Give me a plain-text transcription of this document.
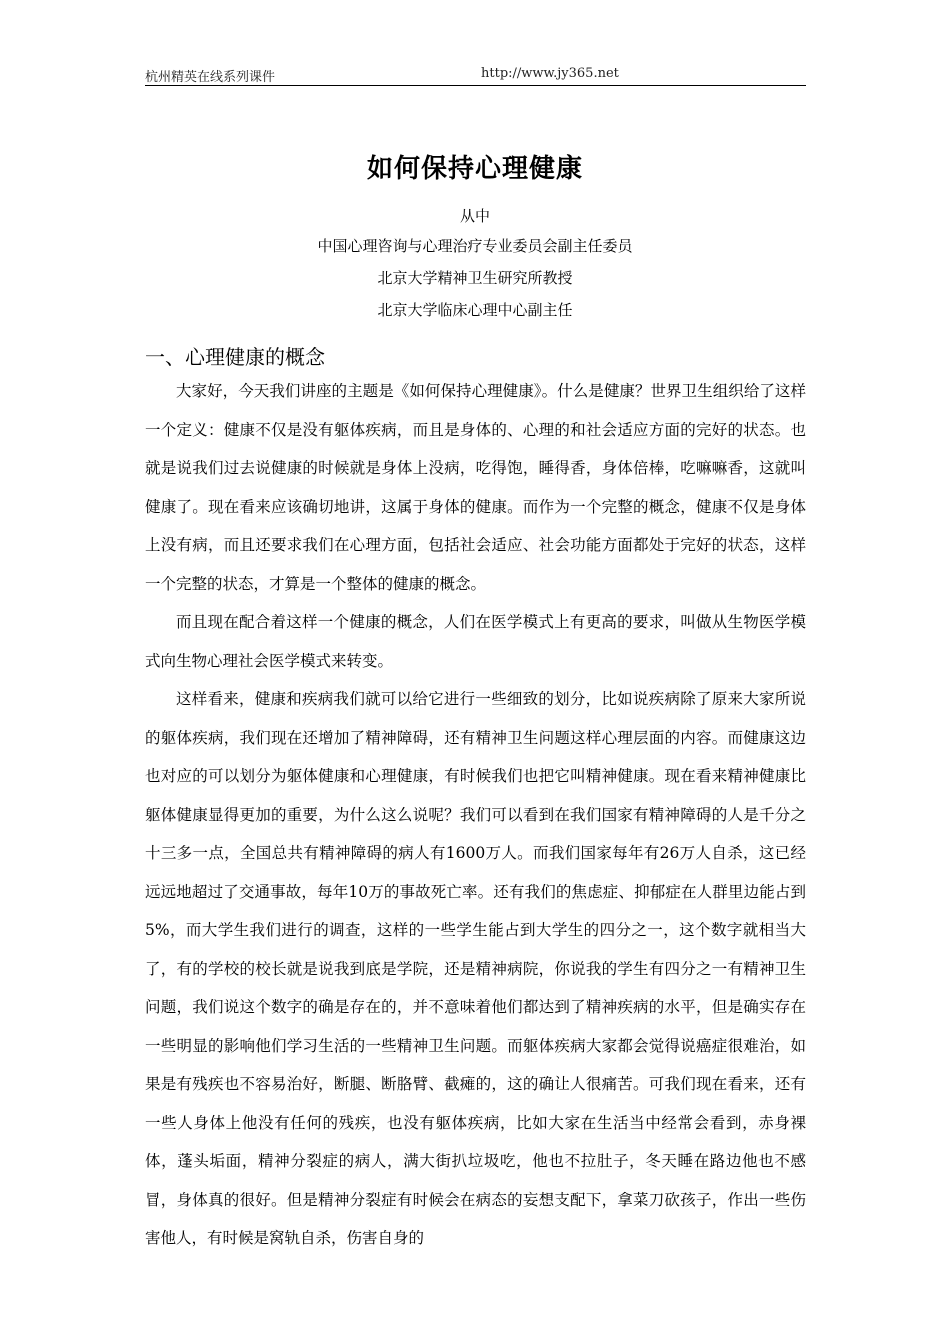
杭州精英在线系列课件	http://www.jy365.net
如何保持心理健康
从中
中国心理咨询与心理治疗专业委员会副主任委员
北京大学精神卫生研究所教授
北京大学临床心理中心副主任
一、心理健康的概念

大家好，今天我们讲座的主题是《如何保持心理健康》。什么是健康？世界卫生组织给了这样一个定义：健康不仅是没有躯体疾病，而且是身体的、心理的和社会适应方面的完好的状态。也就是说我们过去说健康的时候就是身体上没病，吃得饱，睡得香，身体倍棒，吃嘛嘛香，这就叫健康了。现在看来应该确切地讲，这属于身体的健康。而作为一个完整的概念，健康不仅是身体上没有病，而且还要求我们在心理方面，包括社会适应、社会功能方面都处于完好的状态，这样一个完整的状态，才算是一个整体的健康的概念。

而且现在配合着这样一个健康的概念，人们在医学模式上有更高的要求，叫做从生物医学模式向生物心理社会医学模式来转变。

这样看来，健康和疾病我们就可以给它进行一些细致的划分，比如说疾病除了原来大家所说的躯体疾病，我们现在还增加了精神障碍，还有精神卫生问题这样心理层面的内容。而健康这边也对应的可以划分为躯体健康和心理健康，有时候我们也把它叫精神健康。现在看来精神健康比躯体健康显得更加的重要，为什么这么说呢？我们可以看到在我们国家有精神障碍的人是千分之十三多一点，全国总共有精神障碍的病人有1600万人。而我们国家每年有26万人自杀，这已经远远地超过了交通事故，每年10万的事故死亡率。还有我们的焦虑症、抑郁症在人群里边能占到5%，而大学生我们进行的调查，这样的一些学生能占到大学生的四分之一，这个数字就相当大了，有的学校的校长就是说我到底是学院，还是精神病院，你说我的学生有四分之一有精神卫生问题，我们说这个数字的确是存在的，并不意味着他们都达到了精神疾病的水平，但是确实存在一些明显的影响他们学习生活的一些精神卫生问题。而躯体疾病大家都会觉得说癌症很难治，如果是有残疾也不容易治好，断腿、断胳臂、截瘫的，这的确让人很痛苦。可我们现在看来，还有一些人身体上他没有任何的残疾，也没有躯体疾病，比如大家在生活当中经常会看到，赤身裸体，蓬头垢面，精神分裂症的病人，满大街扒垃圾吃，他也不拉肚子，冬天睡在路边他也不感冒，身体真的很好。但是精神分裂症有时候会在病态的妄想支配下，拿菜刀砍孩子，作出一些伤害他人，有时候是窝轨自杀，伤害自身的
